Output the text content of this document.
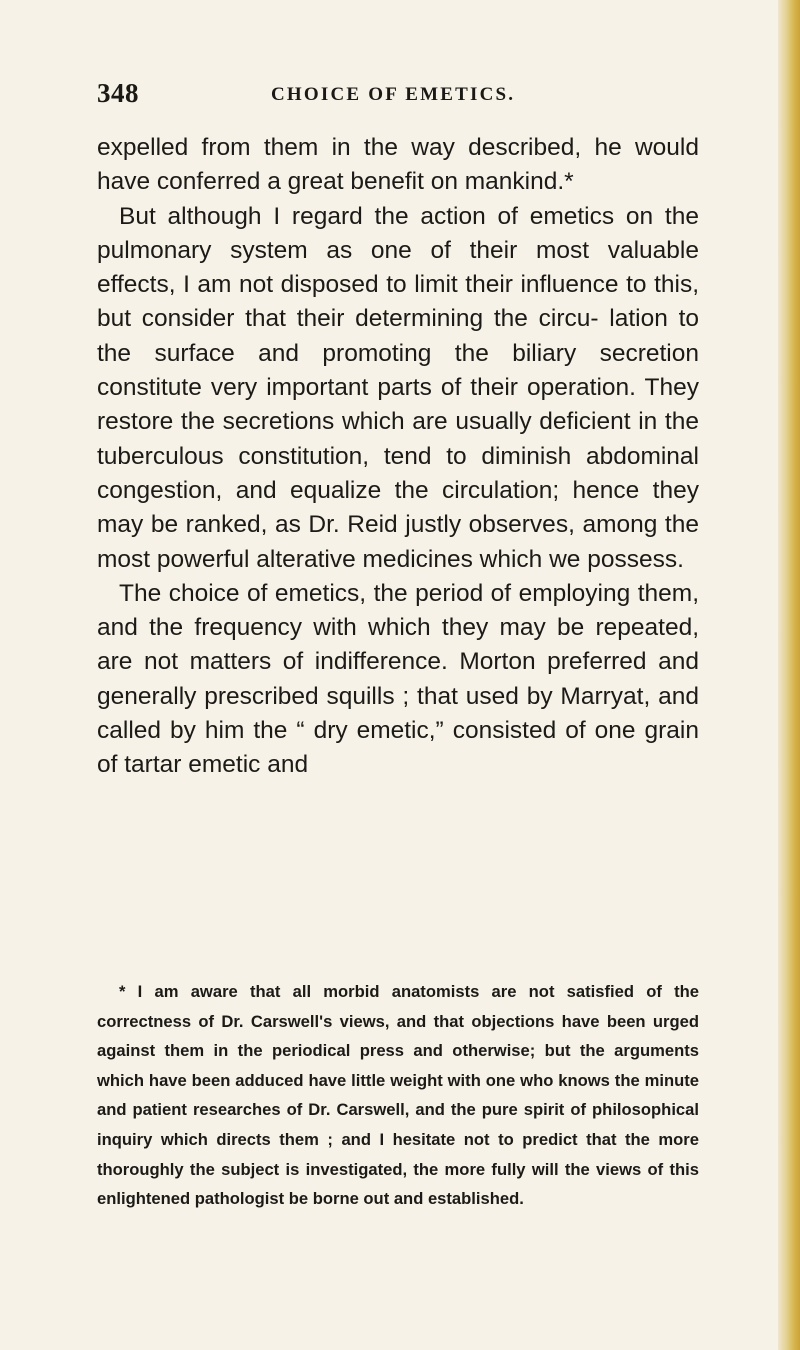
348	CHOICE OF EMETICS.

expelled from them in the way described, he would have conferred a great benefit on mankind.*

But although I regard the action of emetics on the pulmonary system as one of their most valuable effects, I am not disposed to limit their influence to this, but consider that their determining the circu- lation to the surface and promoting the biliary secretion constitute very important parts of their operation. They restore the secretions which are usually deficient in the tuberculous constitution, tend to diminish abdominal congestion, and equalize the circulation; hence they may be ranked, as Dr. Reid justly observes, among the most powerful alterative medicines which we possess.

The choice of emetics, the period of employing them, and the frequency with which they may be repeated, are not matters of indifference. Morton preferred and generally prescribed squills ; that used by Marryat, and called by him the “ dry emetic,” consisted of one grain of tartar emetic and

* I am aware that all morbid anatomists are not satisfied of the correctness of Dr. Carswell's views, and that objections have been urged against them in the periodical press and otherwise; but the arguments which have been adduced have little weight with one who knows the minute and patient researches of Dr. Carswell, and the pure spirit of philosophical inquiry which directs them ; and I hesitate not to predict that the more thoroughly the subject is investigated, the more fully will the views of this enlightened pathologist be borne out and established.
